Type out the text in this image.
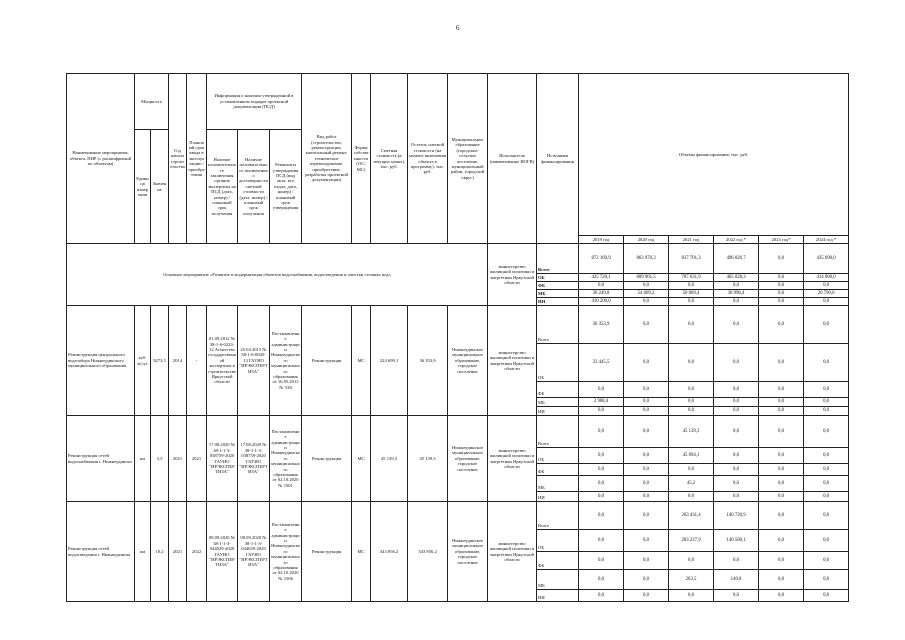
6
Наименование мероприятия, объекта, ПИР (с расшифровкой по объектам)	Мощность		Год начала строительства	Плановый срок ввода в эксплуатацию / приобретения	Информация о наличии утвержденной в установленном порядке проектной документации (ПСД)			Вид работ (строительство, реконструкция, капитальный ремонт, техническое перевооружение, приобретение, разработка проектной документации)	Форма собственности (ОС/МС)	Сметная стоимость (в текущих ценах), тыс. руб.	Остаток сметной стоимости (на момент включения объекта в программу), тыс. руб.	Муниципальное образование (городское/сельское поселение, муниципальный район, городской округ)	Исполнитель (наименование ИОГВ)	Источники финансирования	Объемы финансирования, тыс. руб.					
	Единица измерения	Значение			Наличие положительного заключения органов экспертизы на ПСД (дата, номер) / плановый срок получения	Наличие положительного заключения о достоверности сметной стоимости (дата, номер) / плановый срок получения	Реквизиты утверждения ПСД (вид акта, кто издал, дата, номер) / плановый срок утверждения													
															2019 год	2020 год	2021 год	2022 год *	2023 год*	2024 год *
Основное мероприятие «Развитие и модернизация объектов водоснабжения, водоотведения и очистки сточных вод»													министерство жилищной политики и энергетики Иркутской области	Всего	872 169,9	863 970,3	837 701,3	496 026,7	0,0	435 690,0
														ОБ	425 720,1	809 961,5	787 631,9	465 028,3	0,0	414 900,0
														ФБ	0,0	0,0	0,0	0,0	0,0	0,0
														МБ	36 249,8	54 009,2	50 069,4	30 998,4	0,0	20 790,0
														ИИ	410 200,0	0,0	0,0	0,0	0,0	0,0
Реконструкция центрального водозабора Нижнеудинского муниципального образования	куб. м/сут	9273,5	2014	-	01.09.2012 № 38-1-6-0223-12 Агентство государственной экспертизы в строительстве Иркутской области	25.04.2013 № 38-1-6-0045-13 ГАУИО "ИРЭКСПЕРТИЗА"	Постановление администрации Нижнеудинского муниципального образования от 16.05.2013 № 538	Реконструкция	МС	224 699,1	36 353,9	Нижнеудинское муниципальное образование, городское поселение	министерство жилищной политики и энергетики Иркутской области	Всего	36 353,9	0,0	0,0	0,0	0,0	0,0
														ОБ	33 445,5	0,0	0,0	0,0	0,0	0,0
														ФБ	0,0	0,0	0,0	0,0	0,0	0,0
														МБ	2 908,4	0,0	0,0	0,0	0,0	0,0
														ИИ	0,0	0,0	0,0	0,0	0,0	0,0
Реконструкция сетей водоснабжения г. Нижнеудинска	км	3,5	2021	2021	17.08.2020 № 38-1-1-3-038759-2020 ГАУИО "ИРЭКСПЕРТИЗА"	17.08.2020 № 38-1-1-3-038759-2020 ГАУИО "ИРЭКСПЕРТИЗА"	Постановление администрации Нижнеудинского муниципального образования от 02.10.2020 № 1501	Реконструкция	МС	45 139,3	45 139,3	Нижнеудинское муниципальное образование, городское поселение	министерство жилищной политики и энергетики Иркутской области	Всего	0,0	0,0	45 139,3	0,0	0,0	0,0
														ОБ	0,0	0,0	45 094,1	0,0	0,0	0,0
														ФБ	0,0	0,0	0,0	0,0	0,0	0,0
														МБ	0,0	0,0	45,2	0,0	0,0	0,0
														ИИ	0,0	0,0	0,0	0,0	0,0	0,0
Реконструкция сетей водоотведения г. Нижнеудинска	км	10,2	2021	2022	08.09.2020 № 38-1-1-3-044029-2020 ГАУИО "ИРЭКСПЕРТИЗА"	08.09.2020 № 38-1-1-3-044029-2020 ГАУИО "ИРЭКСПЕРТИЗА"	Постановление администрации Нижнеудинского муниципального образования от 02.10.2020 № 1506	Реконструкция	МС	343 856,2	343 856,2	Нижнеудинское муниципальное образование, городское поселение	министерство жилищной политики и энергетики Иркутской области	Всего	0,0	0,0	203 431,4	140 720,9	0,0	0,0
														ОБ	0,0	0,0	203 227,9	140 580,1	0,0	0,0
														ФБ	0,0	0,0	0,0	0,0	0,0	0,0
														МБ	0,0	0,0	203,5	140,8	0,0	0,0
														ИИ	0,0	0,0	0,0	0,0	0,0	0,0
